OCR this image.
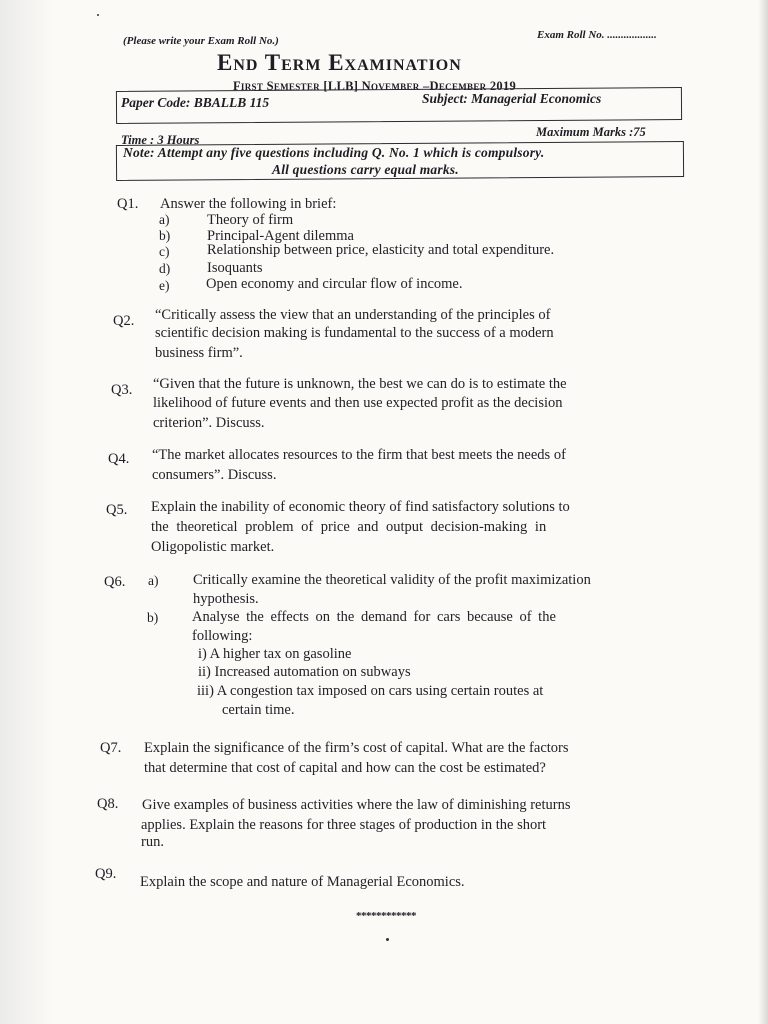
(Please write your Exam Roll No.)	Exam Roll No. ..................
End Term Examination
First Semester [LLB] November –December 2019
Paper Code: BBALLB 115	Subject: Managerial Economics
Time : 3 Hours
Maximum Marks :75
Note: Attempt any five questions including Q. No. 1 which is compulsory.
All questions carry equal marks.
Q1. Answer the following in brief:
a)	Theory of firm
b)	Principal-Agent dilemma
c)	Relationship between price, elasticity and total expenditure.
d)	Isoquants
e)	Open economy and circular flow of income.
Q2. “Critically assess the view that an understanding of the principles of
scientific decision making is fundamental to the success of a modern
business firm”.
Q3. “Given that the future is unknown, the best we can do is to estimate the
likelihood of future events and then use expected profit as the decision
criterion”. Discuss.
Q4. “The market allocates resources to the firm that best meets the needs of
consumers”. Discuss.
Q5. Explain the inability of economic theory of find satisfactory solutions to
the theoretical problem of price and output decision-making in
Oligopolistic market.
Q6. a) Critically examine the theoretical validity of the profit maximization
hypothesis.
b) Analyse the effects on the demand for cars because of the
following:
i) A higher tax on gasoline
ii) Increased automation on subways
iii) A congestion tax imposed on cars using certain routes at
certain time.
Q7. Explain the significance of the firm’s cost of capital. What are the factors
that determine that cost of capital and how can the cost be estimated?
Q8. Give examples of business activities where the law of diminishing returns
applies. Explain the reasons for three stages of production in the short
run.
Q9. Explain the scope and nature of Managerial Economics.
************
